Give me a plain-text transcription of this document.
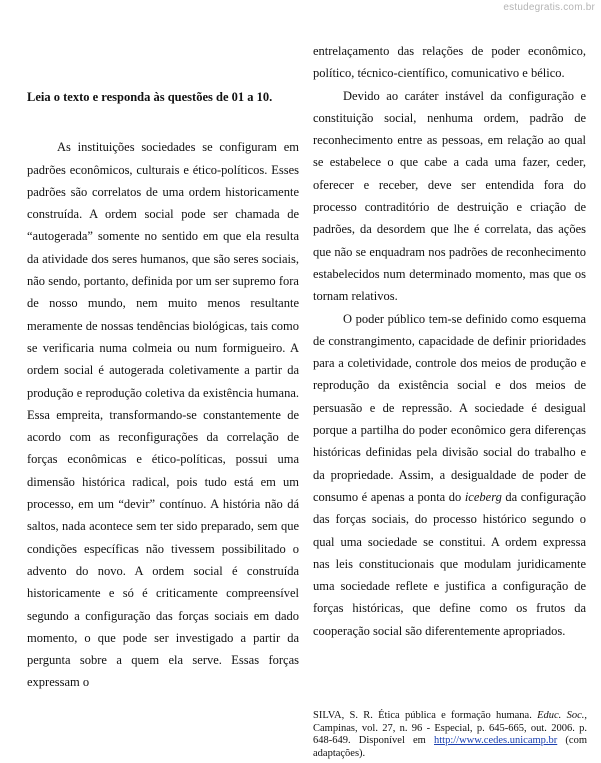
estudegratis.com.br
Leia o texto e responda às questões de 01 a 10.

As instituições sociedades se configuram em padrões econômicos, culturais e ético-políticos. Esses padrões são correlatos de uma ordem historicamente construída. A ordem social pode ser chamada de “autogerada” somente no sentido em que ela resulta da atividade dos seres humanos, que são seres sociais, não sendo, portanto, definida por um ser supremo fora de nosso mundo, nem muito menos resultante meramente de nossas tendências biológicas, tais como se verificaria numa colmeia ou num formigueiro. A ordem social é autogerada coletivamente a partir da produção e reprodução coletiva da existência humana. Essa empreita, transformando-se constantemente de acordo com as reconfigurações da correlação de forças econômicas e ético-políticas, possui uma dimensão histórica radical, pois tudo está em um processo, em um “devir” contínuo. A história não dá saltos, nada acontece sem ter sido preparado, sem que condições específicas não tivessem possibilitado o advento do novo. A ordem social é construída historicamente e só é criticamente compreensível segundo a configuração das forças sociais em dado momento, o que pode ser investigado a partir da pergunta sobre a quem ela serve. Essas forças expressam o

entrelaçamento das relações de poder econômico, político, técnico-científico, comunicativo e bélico.

Devido ao caráter instável da configuração e constituição social, nenhuma ordem, padrão de reconhecimento entre as pessoas, em relação ao qual se estabelece o que cabe a cada uma fazer, ceder, oferecer e receber, deve ser entendida fora do processo contraditório de destruição e criação de padrões, da desordem que lhe é correlata, das ações que não se enquadram nos padrões de reconhecimento estabelecidos num determinado momento, mas que os tornam relativos.

O poder público tem-se definido como esquema de constrangimento, capacidade de definir prioridades para a coletividade, controle dos meios de produção e reprodução da existência social e dos meios de persuasão e de repressão. A sociedade é desigual porque a partilha do poder econômico gera diferenças históricas definidas pela divisão social do trabalho e da propriedade. Assim, a desigualdade de poder de consumo é apenas a ponta do iceberg da configuração das forças sociais, do processo histórico segundo o qual uma sociedade se constitui. A ordem expressa nas leis constitucionais que modulam juridicamente uma sociedade reflete e justifica a configuração de forças históricas, que define como os frutos da cooperação social são diferentemente apropriados.

SILVA, S. R. Ética pública e formação humana. Educ. Soc., Campinas, vol. 27, n. 96 - Especial, p. 645-665, out. 2006. p. 648-649. Disponível em http://www.cedes.unicamp.br (com adaptações).
